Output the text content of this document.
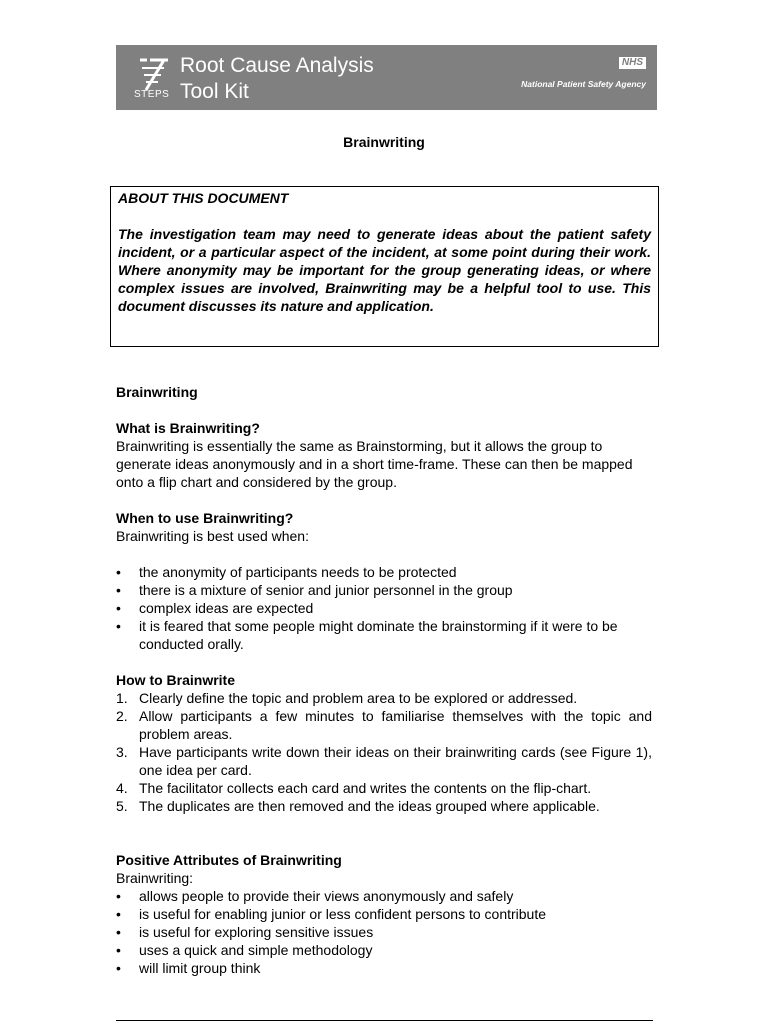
STEPS
Root Cause Analysis
Tool Kit
NHS
National Patient Safety Agency
Brainwriting

ABOUT THIS DOCUMENT

The investigation team may need to generate ideas about the patient safety incident, or a particular aspect of the incident, at some point during their work. Where anonymity may be important for the group generating ideas, or where complex issues are involved, Brainwriting may be a helpful tool to use. This document discusses its nature and application.

Brainwriting

What is Brainwriting?

Brainwriting is essentially the same as Brainstorming, but it allows the group to generate ideas anonymously and in a short time-frame. These can then be mapped onto a flip chart and considered by the group.

When to use Brainwriting?

Brainwriting is best used when:

• the anonymity of participants needs to be protected
• there is a mixture of senior and junior personnel in the group
• complex ideas are expected
• it is feared that some people might dominate the brainstorming if it were to be conducted orally.

How to Brainwrite

1. Clearly define the topic and problem area to be explored or addressed.
2. Allow participants a few minutes to familiarise themselves with the topic and problem areas.
3. Have participants write down their ideas on their brainwriting cards (see Figure 1), one idea per card.
4. The facilitator collects each card and writes the contents on the flip-chart.
5. The duplicates are then removed and the ideas grouped where applicable.

Positive Attributes of Brainwriting

Brainwriting:

• allows people to provide their views anonymously and safely
• is useful for enabling junior or less confident persons to contribute
• is useful for exploring sensitive issues
• uses a quick and simple methodology
• will limit group think
